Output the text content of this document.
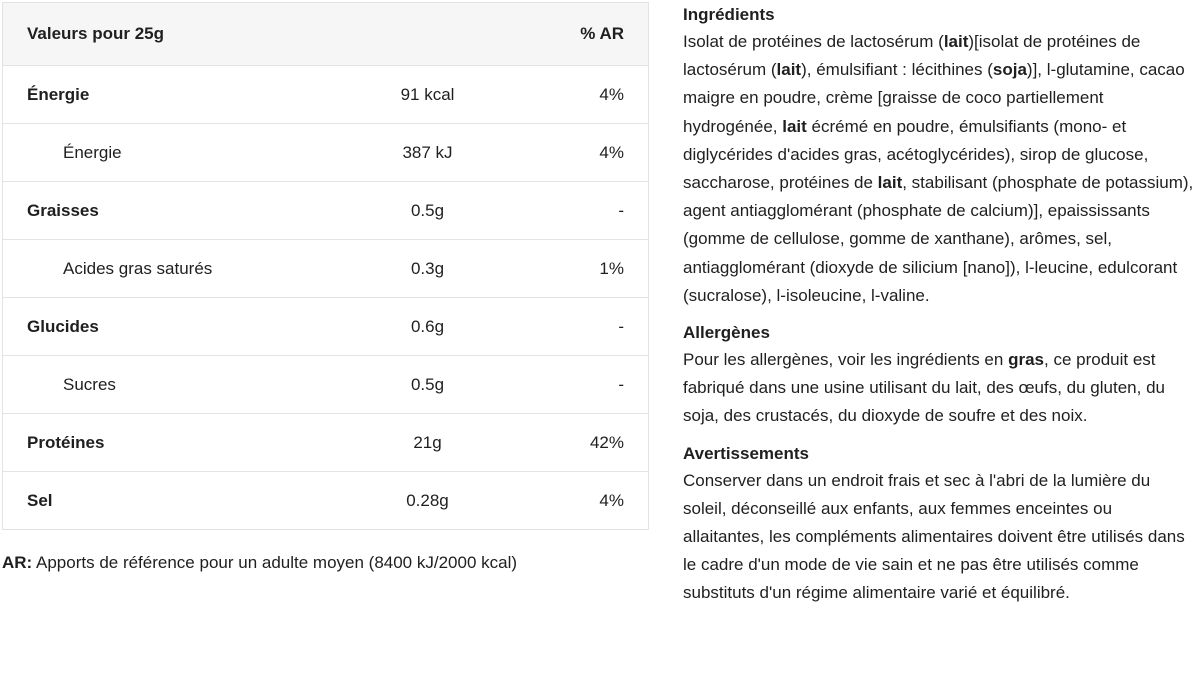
Valeurs pour 25g		% AR
Énergie	91 kcal	4%
Énergie	387 kJ	4%
Graisses	0.5g	-
Acides gras saturés	0.3g	1%
Glucides	0.6g	-
Sucres	0.5g	-
Protéines	21g	42%
Sel	0.28g	4%

AR: Apports de référence pour un adulte moyen (8400 kJ/2000 kcal)

Ingrédients

Isolat de protéines de lactosérum (lait)[isolat de protéines de lactosérum (lait), émulsifiant : lécithines (soja)], l-glutamine, cacao maigre en poudre, crème [graisse de coco partiellement hydrogénée, lait écrémé en poudre, émulsifiants (mono- et diglycérides d'acides gras, acétoglycérides), sirop de glucose, saccharose, protéines de lait, stabilisant (phosphate de potassium), agent antiagglomérant (phosphate de calcium)], epaississants (gomme de cellulose, gomme de xanthane), arômes, sel, antiagglomérant (dioxyde de silicium [nano]), l-leucine, edulcorant (sucralose), l-isoleucine, l-valine.

Allergènes

Pour les allergènes, voir les ingrédients en gras, ce produit est fabriqué dans une usine utilisant du lait, des œufs, du gluten, du soja, des crustacés, du dioxyde de soufre et des noix.

Avertissements

Conserver dans un endroit frais et sec à l'abri de la lumière du soleil, déconseillé aux enfants, aux femmes enceintes ou allaitantes, les compléments alimentaires doivent être utilisés dans le cadre d'un mode de vie sain et ne pas être utilisés comme substituts d'un régime alimentaire varié et équilibré.
